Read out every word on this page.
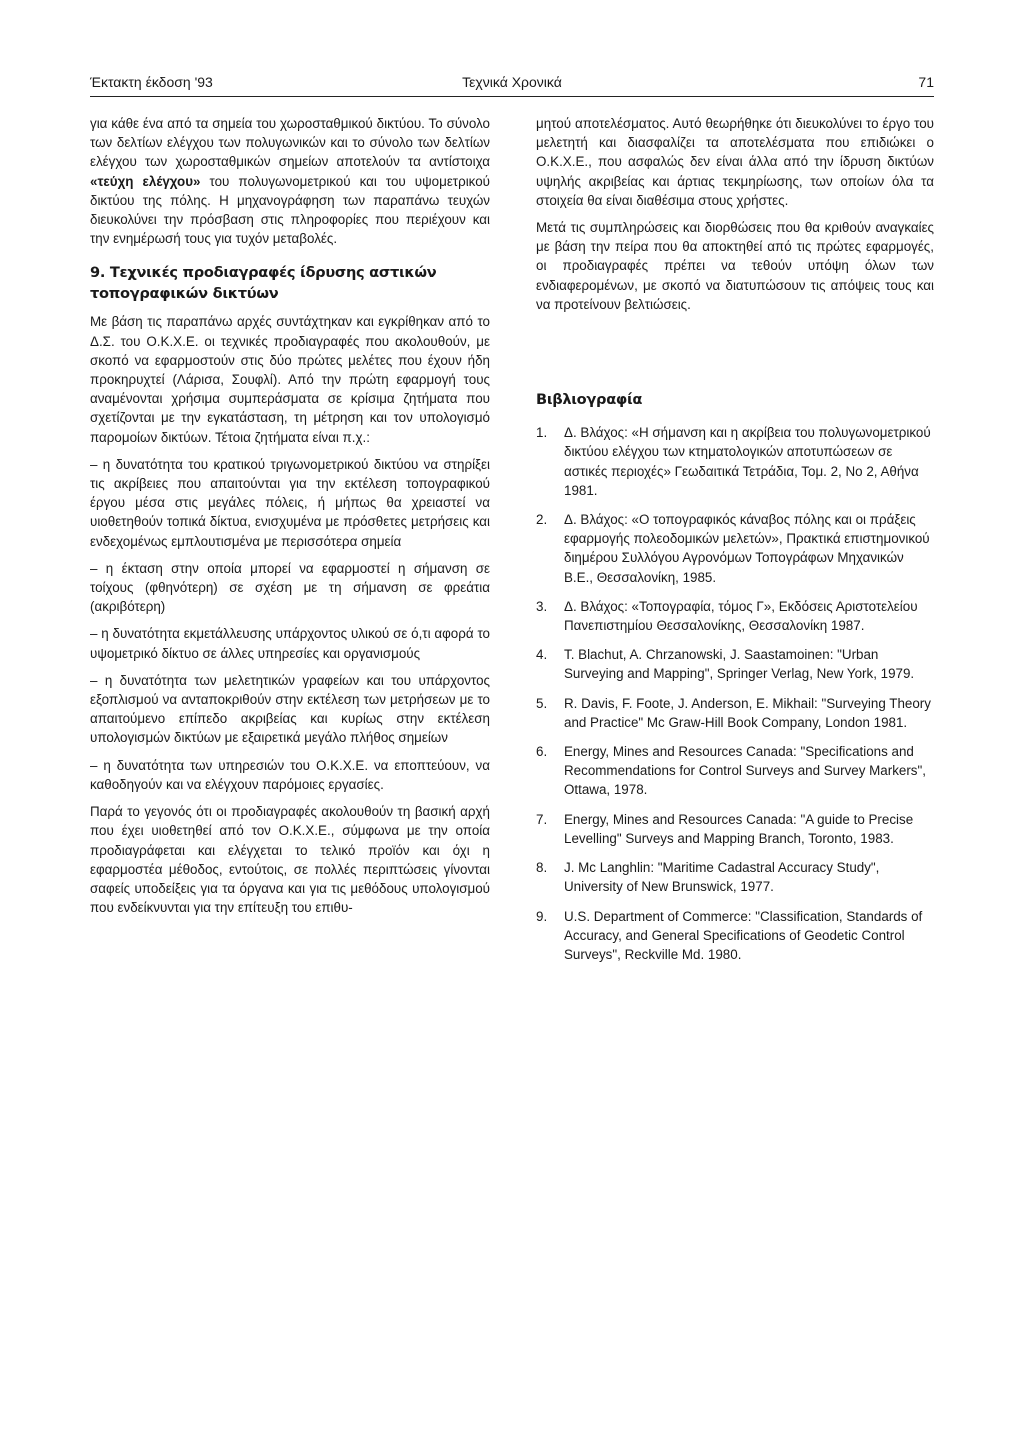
Έκτακτη έκδοση '93	Τεχνικά Χρονικά	71

για κάθε ένα από τα σημεία του χωροσταθμικού δικτύου. Το σύνολο των δελτίων ελέγχου των πολυγωνικών και το σύνολο των δελτίων ελέγχου των χωροσταθμικών σημείων αποτελούν τα αντίστοιχα «τεύχη ελέγχου» του πολυγωνομετρικού και του υψομετρικού δικτύου της πόλης. Η μηχανογράφηση των παραπάνω τευχών διευκολύνει την πρόσβαση στις πληροφορίες που περιέχουν και την ενημέρωσή τους για τυχόν μεταβολές.

9. Τεχνικές προδιαγραφές ίδρυσης αστικών τοπογραφικών δικτύων

Με βάση τις παραπάνω αρχές συντάχτηκαν και εγκρίθηκαν από το Δ.Σ. του Ο.Κ.Χ.Ε. οι τεχνικές προδιαγραφές που ακολουθούν, με σκοπό να εφαρμοστούν στις δύο πρώτες μελέτες που έχουν ήδη προκηρυχτεί (Λάρισα, Σουφλί). Από την πρώτη εφαρμογή τους αναμένονται χρήσιμα συμπεράσματα σε κρίσιμα ζητήματα που σχετίζονται με την εγκατάσταση, τη μέτρηση και τον υπολογισμό παρομοίων δικτύων. Τέτοια ζητήματα είναι π.χ.:

– η δυνατότητα του κρατικού τριγωνομετρικού δικτύου να στηρίξει τις ακρίβειες που απαιτούνται για την εκτέλεση τοπογραφικού έργου μέσα στις μεγάλες πόλεις, ή μήπως θα χρειαστεί να υιοθετηθούν τοπικά δίκτυα, ενισχυμένα με πρόσθετες μετρήσεις και ενδεχομένως εμπλουτισμένα με περισσότερα σημεία

– η έκταση στην οποία μπορεί να εφαρμοστεί η σήμανση σε τοίχους (φθηνότερη) σε σχέση με τη σήμανση σε φρεάτια (ακριβότερη)

– η δυνατότητα εκμετάλλευσης υπάρχοντος υλικού σε ό,τι αφορά το υψομετρικό δίκτυο σε άλλες υπηρεσίες και οργανισμούς

– η δυνατότητα των μελετητικών γραφείων και του υπάρχοντος εξοπλισμού να ανταποκριθούν στην εκτέλεση των μετρήσεων με το απαιτούμενο επίπεδο ακριβείας και κυρίως στην εκτέλεση υπολογισμών δικτύων με εξαιρετικά μεγάλο πλήθος σημείων

– η δυνατότητα των υπηρεσιών του Ο.Κ.Χ.Ε. να εποπτεύουν, να καθοδηγούν και να ελέγχουν παρόμοιες εργασίες.

Παρά το γεγονός ότι οι προδιαγραφές ακολουθούν τη βασική αρχή που έχει υιοθετηθεί από τον Ο.Κ.Χ.Ε., σύμφωνα με την οποία προδιαγράφεται και ελέγχεται το τελικό προϊόν και όχι η εφαρμοστέα μέθοδος, εντούτοις, σε πολλές περιπτώσεις γίνονται σαφείς υποδείξεις για τα όργανα και για τις μεθόδους υπολογισμού που ενδείκνυνται για την επίτευξη του επιθυ-

μητού αποτελέσματος. Αυτό θεωρήθηκε ότι διευκολύνει το έργο του μελετητή και διασφαλίζει τα αποτελέσματα που επιδιώκει ο Ο.Κ.Χ.Ε., που ασφαλώς δεν είναι άλλα από την ίδρυση δικτύων υψηλής ακριβείας και άρτιας τεκμηρίωσης, των οποίων όλα τα στοιχεία θα είναι διαθέσιμα στους χρήστες.

Μετά τις συμπληρώσεις και διορθώσεις που θα κριθούν αναγκαίες με βάση την πείρα που θα αποκτηθεί από τις πρώτες εφαρμογές, οι προδιαγραφές πρέπει να τεθούν υπόψη όλων των ενδιαφερομένων, με σκοπό να διατυπώσουν τις απόψεις τους και να προτείνουν βελτιώσεις.

Βιβλιογραφία
1.	Δ. Βλάχος: «Η σήμανση και η ακρίβεια του πολυγωνομετρικού δικτύου ελέγχου των κτηματολογικών αποτυπώσεων σε αστικές περιοχές» Γεωδαιτικά Τετράδια, Τομ. 2, Νο 2, Αθήνα 1981.
2.	Δ. Βλάχος: «Ο τοπογραφικός κάναβος πόλης και οι πράξεις εφαρμογής πολεοδομικών μελετών», Πρακτικά επιστημονικού διημέρου Συλλόγου Αγρονόμων Τοπογράφων Μηχανικών Β.Ε., Θεσσαλονίκη, 1985.
3.	Δ. Βλάχος: «Τοπογραφία, τόμος Γ», Εκδόσεις Αριστοτελείου Πανεπιστημίου Θεσσαλονίκης, Θεσσαλονίκη 1987.
4.	T. Blachut, A. Chrzanowski, J. Saastamoinen: "Urban Surveying and Mapping", Springer Verlag, New York, 1979.
5.	R. Davis, F. Foote, J. Anderson, E. Mikhail: "Surveying Theory and Practice" Mc Graw-Hill Book Company, London 1981.
6.	Energy, Mines and Resources Canada: "Specifications and Recommendations for Control Surveys and Survey Markers", Ottawa, 1978.
7.	Energy, Mines and Resources Canada: "A guide to Precise Levelling" Surveys and Mapping Branch, Toronto, 1983.
8.	J. Mc Langhlin: "Maritime Cadastral Accuracy Study", University of New Brunswick, 1977.
9.	U.S. Department of Commerce: "Classification, Standards of Accuracy, and General Specifications of Geodetic Control Surveys", Reckville Md. 1980.
